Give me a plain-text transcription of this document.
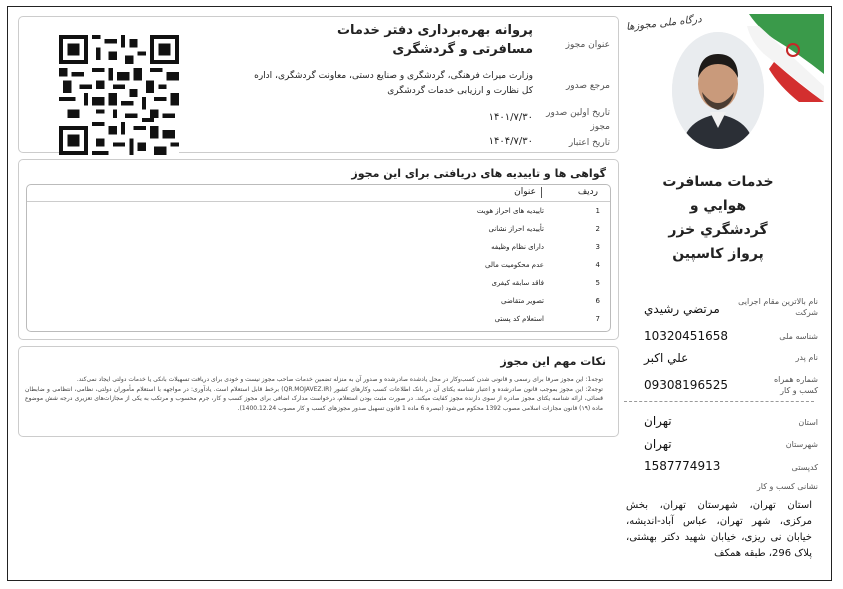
درگاه ملی مجوزها
خدمات مسافرت
هوايي و
گردشگري خزر
پرواز کاسپين
نام بالاترین مقام اجرایی شرکت
مرتضي رشيدي
شناسه ملی
10320451658
نام پدر
علي اكبر
شماره همراه کسب و کار
09308196525
استان
تهران
شهرستان
تهران
کدپستی
1587774913
نشانی کسب و کار
استان تهران، شهرستان تهران، بخش مرکزی، شهر تهران، عباس آباد-اندیشه، خیابان نی ریزی، خیابان شهید دکتر بهشتی، پلاک 296، طبقه همکف
پروانه بهره‌برداری دفتر خدمات مسافرتی و گردشگری	عنوان مجوز
مرجع صدور
وزارت میراث فرهنگی، گردشگری و صنایع دستی، معاونت گردشگری، اداره کل نظارت و ارزیابی خدمات گردشگری
تاریخ اولین صدور مجوز
۱۴۰۱/۷/۳۰
تاریخ اعتبار
۱۴۰۴/۷/۳۰
گواهی ها و تاییدیه های دریافتی برای این مجوز
ردیف
عنوان
1
تاییدیه های احراز هویت
2
تأییدیه احراز نشانی
3
دارای نظام وظیفه
4
عدم محکومیت مالی
5
فاقد سابقه کیفری
6
تصویر متقاضی
7
استعلام کد پستی
نکات مهم این مجوز
توجه1: این مجوز صرفا برای رسمی و قانونی شدن کسب‌وکار در محل یادشده صادرشده و صدور آن به منزله تضمین خدمات صاحب مجوز نیست و خودی برای دریافت تسهیلات بانکی یا خدمات دولتی ایجاد نمی‌کند.
توجه2: این مجوز بموجب قانون صادرشده و اعتبار شناسه یکتای آن در بانک اطلاعات کسب وکارهای کشور (QR.MOJAVEZ.IR) برخط قابل استعلام است. یادآوری: در مواجهه با استعلام مأموران دولتی، نظامی، انتظامی و ضابطان قضائی، ارائه شناسه یکتای مجوز صادره از سوی دارنده مجوز کفایت میکند. در صورت مثبت بودن استعلام، درخواست مدارک اضافی برای مجوز کسب و کار، جرم محسوب و مرتکب به یکی از مجازات‌های تعزیری درجه شش موضوع ماده (۱۹) قانون مجازات اسلامی مصوب 1392 محکوم می‌شود (تبصره 6 ماده 1 قانون تسهیل صدور مجوزهای کسب و کار مصوب 1400.12.24).
